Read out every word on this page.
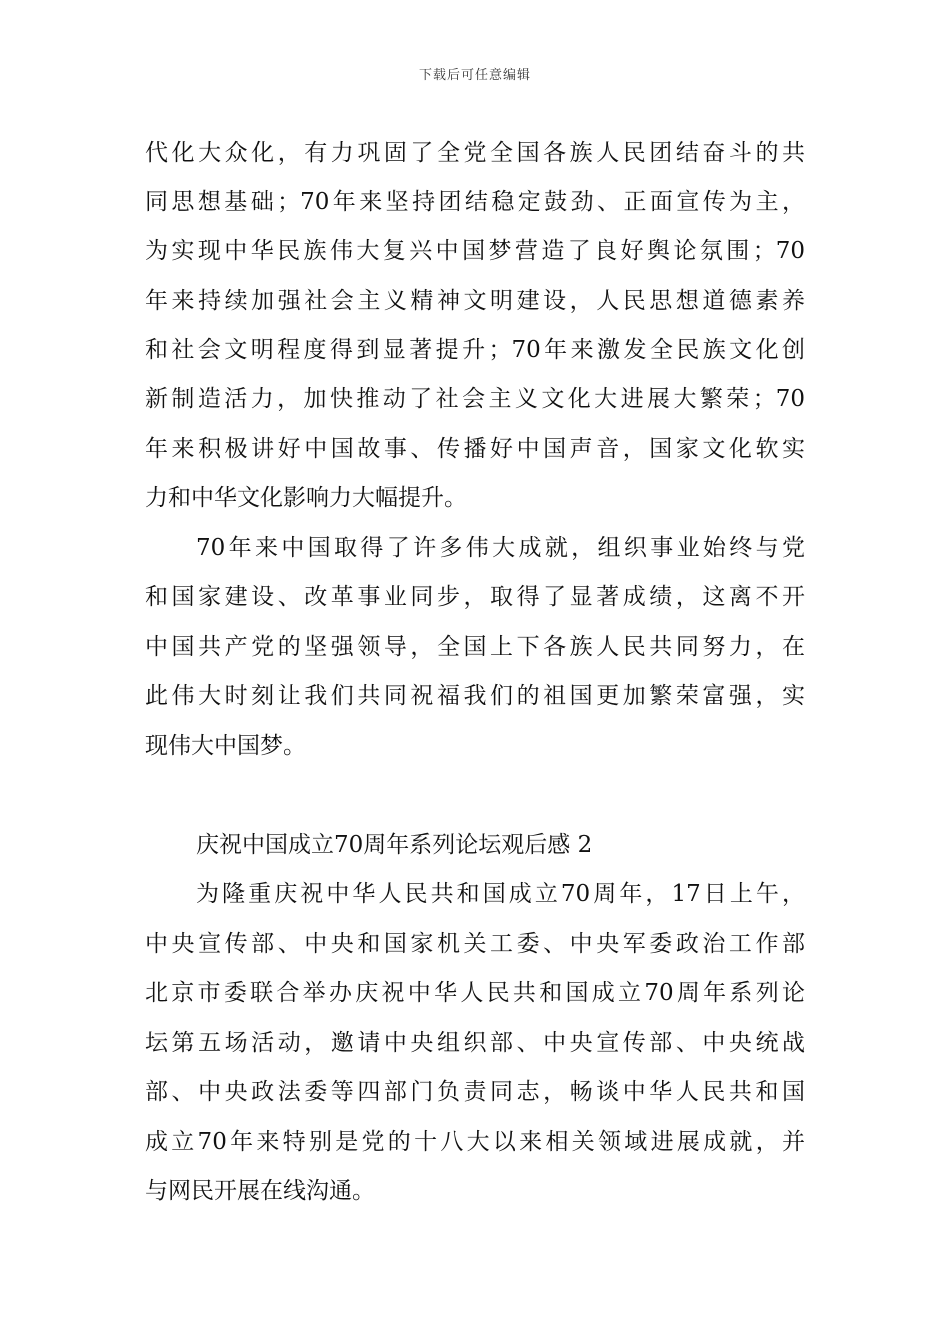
下载后可任意编辑
代化大众化，有力巩固了全党全国各族人民团结奋斗的共
同思想基础；70年来坚持团结稳定鼓劲、正面宣传为主，
为实现中华民族伟大复兴中国梦营造了良好舆论氛围；70
年来持续加强社会主义精神文明建设，人民思想道德素养
和社会文明程度得到显著提升；70年来激发全民族文化创
新制造活力，加快推动了社会主义文化大进展大繁荣；70
年来积极讲好中国故事、传播好中国声音，国家文化软实
力和中华文化影响力大幅提升。
70年来中国取得了许多伟大成就，组织事业始终与党
和国家建设、改革事业同步，取得了显著成绩，这离不开
中国共产党的坚强领导，全国上下各族人民共同努力，在
此伟大时刻让我们共同祝福我们的祖国更加繁荣富强，实
现伟大中国梦。
庆祝中国成立70周年系列论坛观后感 2
为隆重庆祝中华人民共和国成立70周年，17日上午，
中央宣传部、中央和国家机关工委、中央军委政治工作部
北京市委联合举办庆祝中华人民共和国成立70周年系列论
坛第五场活动，邀请中央组织部、中央宣传部、中央统战
部、中央政法委等四部门负责同志，畅谈中华人民共和国
成立70年来特别是党的十八大以来相关领域进展成就，并
与网民开展在线沟通。
